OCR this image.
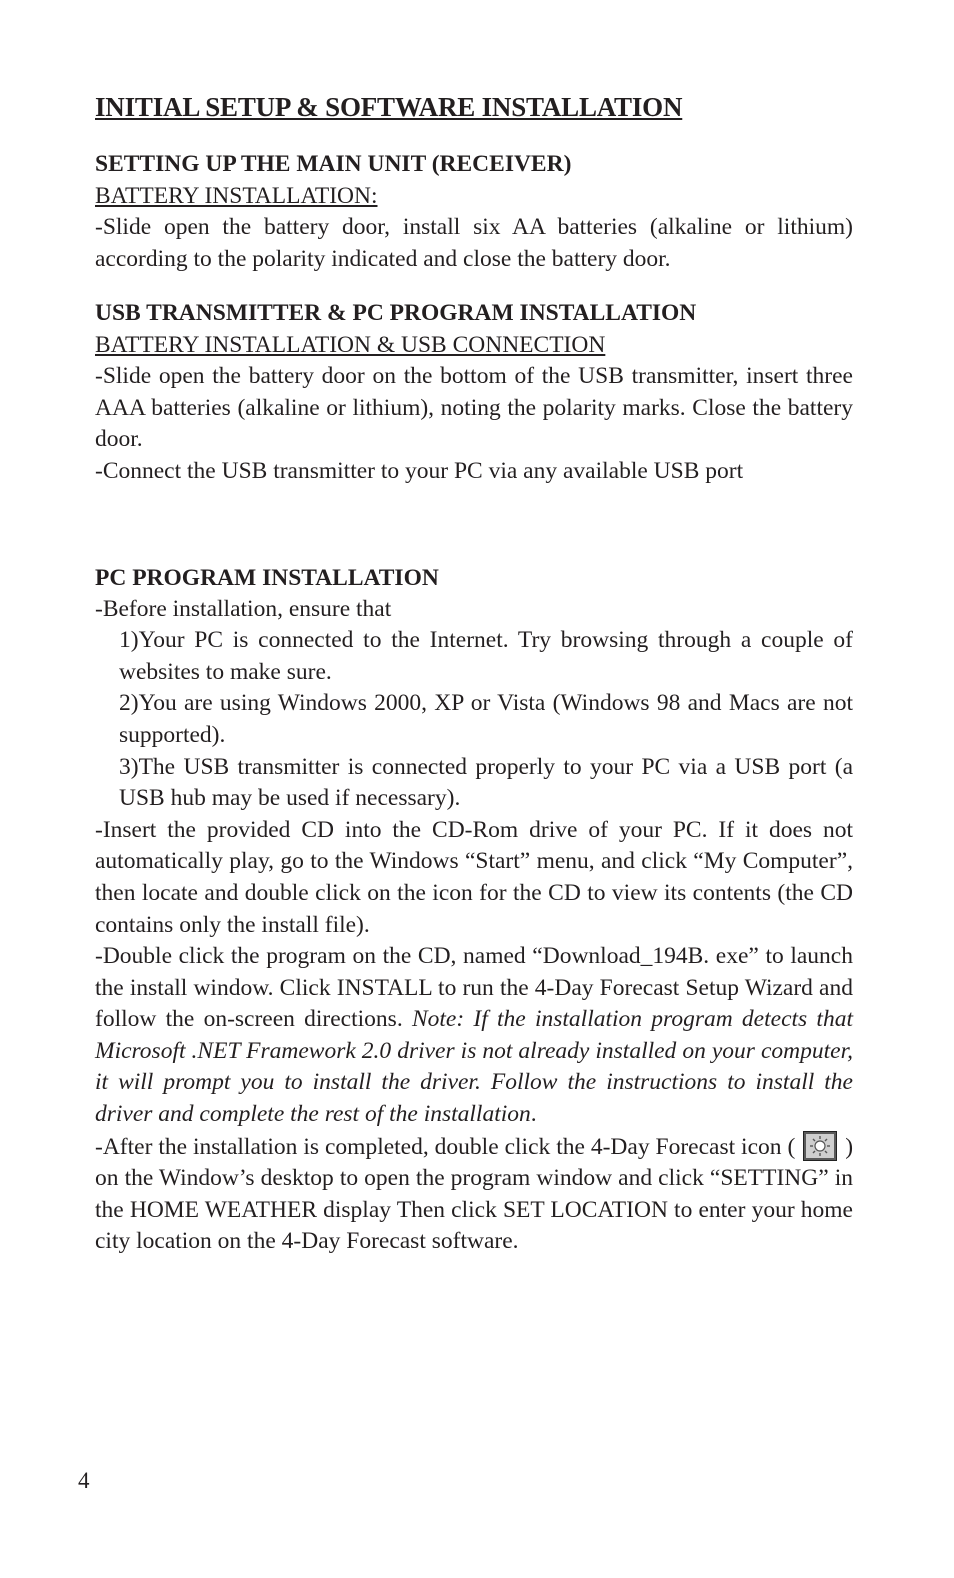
INITIAL SETUP & SOFTWARE INSTALLATION
SETTING UP THE MAIN UNIT (RECEIVER)
BATTERY INSTALLATION:

-Slide open the battery door, install six AA batteries (alkaline or lithium) according to the polarity indicated and close the battery door.

USB TRANSMITTER & PC PROGRAM INSTALLATION
BATTERY INSTALLATION & USB CONNECTION

-Slide open the battery door on the bottom of the USB transmitter, insert three AAA batteries (alkaline or lithium), noting the polarity marks. Close the battery door.

-Connect the USB transmitter to your PC via any available USB port

PC PROGRAM INSTALLATION

-Before installation, ensure that

1)Your PC is connected to the Internet. Try browsing through a couple of websites to make sure.

2)You are using Windows 2000, XP or Vista (Windows 98 and Macs are not supported).

3)The USB transmitter is connected properly to your PC via a USB port (a USB hub may be used if necessary).

-Insert the provided CD into the CD-Rom drive of your PC. If it does not automatically play, go to the Windows “Start” menu, and click “My Computer”, then locate and double click on the icon for the CD to view its contents (the CD contains only the install file).

-Double click the program on the CD, named “Download_194B. exe” to launch the install window. Click INSTALL to run the 4-Day Forecast Setup Wizard and follow the on-screen directions. Note: If the installation program detects that Microsoft .NET Framework 2.0 driver is not already installed on your computer, it will prompt you to install the driver. Follow the instructions to install the driver and complete the rest of the installation.

-After the installation is completed, double click the 4-Day Forecast icon ( ) on the Window’s desktop to open the program window and click “SETTING” in the HOME WEATHER display Then click SET LOCATION to enter your home city location on the 4-Day Forecast software.

4
